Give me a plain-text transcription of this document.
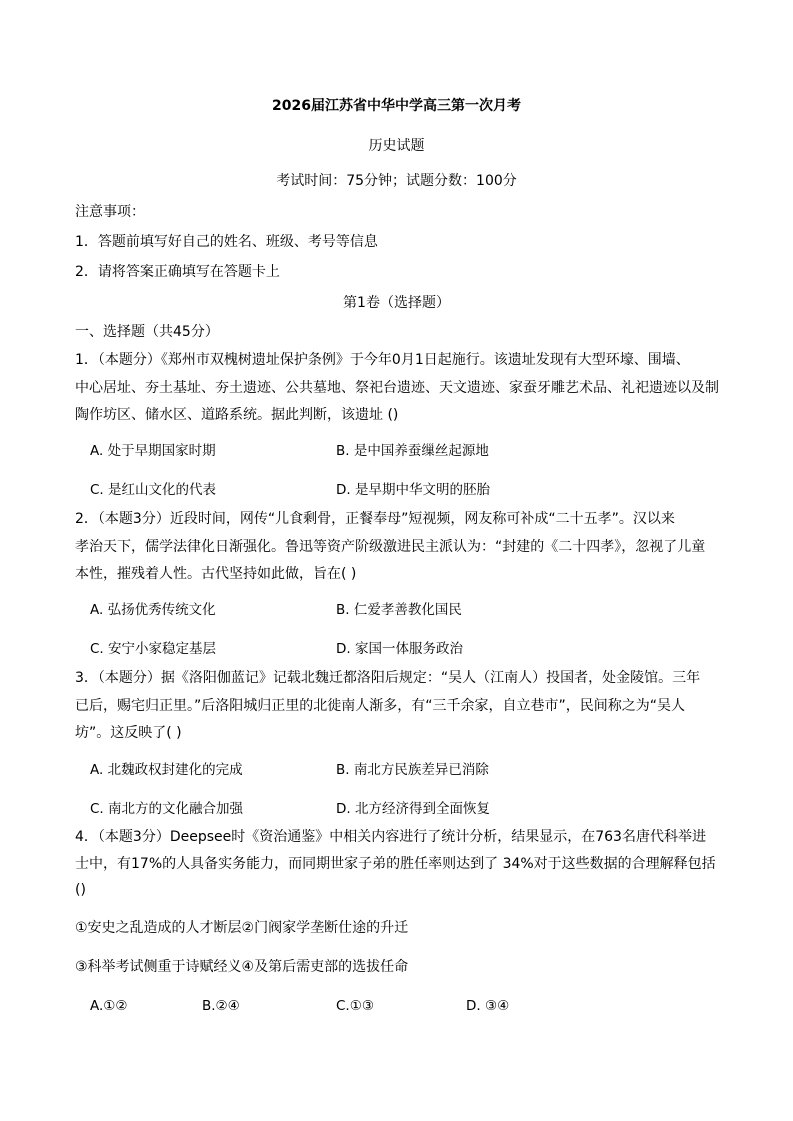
2026届江苏省中华中学高三第一次月考
历史试题
考试时间：75分钟；试题分数：100分
注意事项：
1．答题前填写好自己的姓名、班级、考号等信息
2．请将答案正确填写在答题卡上
第1卷（选择题）
一、选择题（共45分）
1．（本题分）《郑州市双槐树遗址保护条例》于今年0月1日起施行。该遗址发现有大型环壕、围墙、
中心居址、夯土基址、夯土遗迹、公共墓地、祭祀台遗迹、天文遗迹、家蚕牙雕艺术品、礼祀遗迹以及制
陶作坊区、储水区、道路系统。据此判断，该遗址 ()
A. 处于早期国家时期	B. 是中国养蚕缫丝起源地
C. 是红山文化的代表	D. 是早期中华文明的胚胎
2．（本题3分）近段时间，网传“儿食剩骨，正餐奉母”短视频，网友称可补成“二十五孝”。汉以来
孝治天下，儒学法律化日渐强化。鲁迅等资产阶级激进民主派认为：“封建的《二十四孝》，忽视了儿童
本性，摧残着人性。古代坚持如此做，旨在( )
A. 弘扬优秀传统文化	B. 仁爱孝善教化国民
C. 安宁小家稳定基层	D. 家国一体服务政治
3．（本题分）据《洛阳伽蓝记》记载北魏迁都洛阳后规定：“吴人（江南人）投国者，处金陵馆。三年
已后，赐宅归正里。”后洛阳城归正里的北徙南人渐多，有“三千余家，自立巷市”，民间称之为“吴人
坊”。这反映了( )
A. 北魏政权封建化的完成	B. 南北方民族差异已消除
C. 南北方的文化融合加强	D. 北方经济得到全面恢复
4．（本题3分）Deepsee时《资治通鉴》中相关内容进行了统计分析，结果显示，在763名唐代科举进
士中，有17%的人具备实务能力，而同期世家子弟的胜任率则达到了 34%对于这些数据的合理解释包括
()
①安史之乱造成的人才断层②门阀家学垄断仕途的升迁
③科举考试侧重于诗赋经义④及第后需吏部的选拔任命
A.①②	B.②④	C.①③	D. ③④
